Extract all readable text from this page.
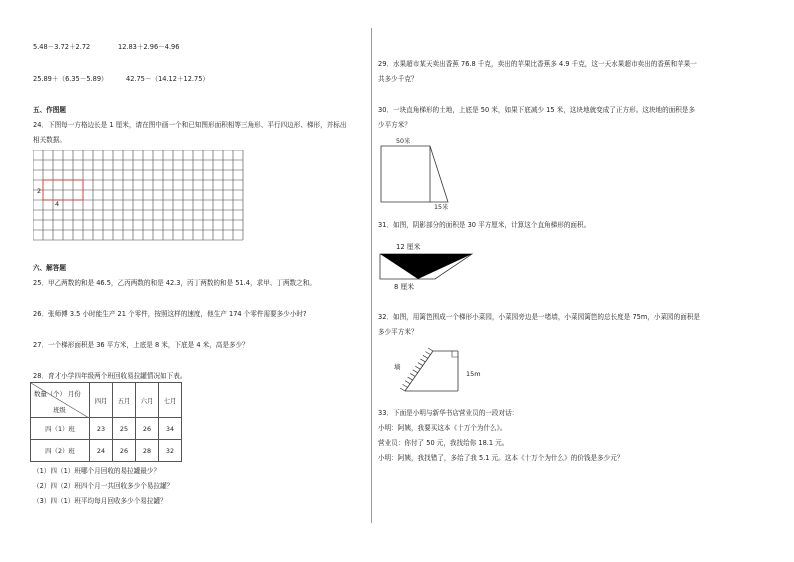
5.48－3.72＋2.72	12.83＋2.96－4.96
25.89＋（6.35－5.89）	42.75－（14.12＋12.75）
五、作图题
24．下图每一方格边长是 1 厘米，请在图中画一个和已知图形面积相等三角形、平行四边形、梯形，并标出
相关数据。
2
4
六、解答题
25．甲乙两数的和是 46.5，乙丙两数的和是 42.3，丙丁两数的和是 51.4，求甲、丁两数之和。
26．张师傅 3.5 小时能生产 21 个零件，按照这样的速度，他生产 174 个零件需要多少小时?
27．一个梯形面积是 36 平方米，上底是 8 米，下底是 4 米，高是多少？
28．育才小学四年级两个班回收易拉罐情况如下表。
数量（个） 月份
班级	四月	五月	六月	七月
四（1）班	23	25	26	34
四（2）班	24	26	28	32
（1）四（1）班哪个月回收的易拉罐最少？
（2）四（2）班四个月一共回收多少个易拉罐？
（3）四（1）班平均每月回收多少个易拉罐？
29．水果超市某天卖出香蕉 76.8 千克，卖出的苹果比香蕉多 4.9 千克，这一天水果超市卖出的香蕉和苹果一
共多少千克？
30．一块直角梯形的土地，上底是 50 米，如果下底减少 15 米，这块地就变成了正方形。这块地的面积是多
少平方米？
50米
15米
31．如图，阴影部分的面积是 30 平方厘米，计算这个直角梯形的面积。
12 厘米
8 厘米
32．如图，用篱笆围成一个梯形小菜园，小菜园旁边是一堵墙，小菜园篱笆的总长度是 75m，小菜园的面积是
多少平方米？
墙
15m
33．下面是小明与新华书店营业员的一段对话：
小明：阿姨，我要买这本《十万个为什么》。
营业员：你付了 50 元，我找给你 18.1 元。
小明：阿姨，我找错了，多给了我 5.1 元。这本《十万个为什么》的价钱是多少元？
